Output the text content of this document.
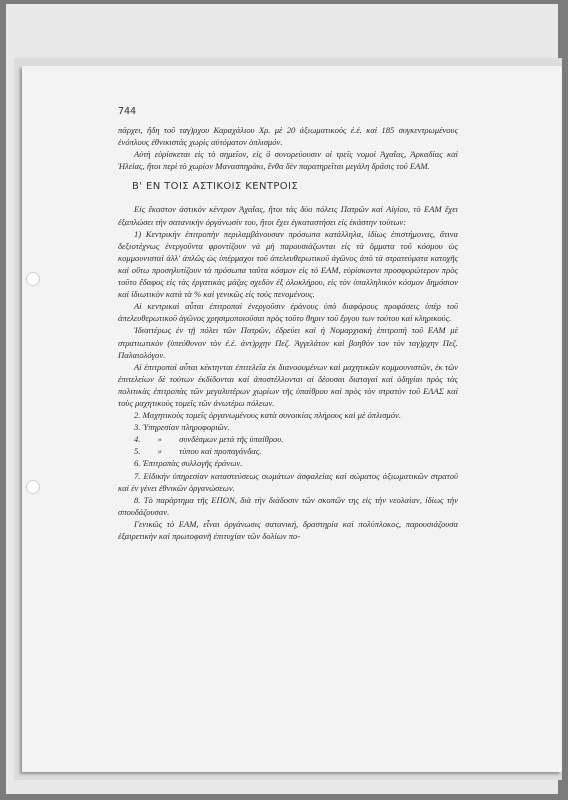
744

πάρχει, ἤδη τοῦ ταγ)ρχου Καραχάλιου Χρ. μὲ 20 ἀξιωματικοὺς ἐ.ἐ. καὶ 185 συγκεντρωμένους ἐνόπλους ἐθνικιστὰς χωρὶς αὐτόματον ὁπλισμόν.

Αὐτὴ εὑρίσκεται εἰς τὸ σημεῖον, εἰς ὃ συνορεύουσιν οἱ τρεῖς νομοὶ Ἀχαΐας, Ἀρκαδίας καὶ Ἠλείας, ἤτοι περὶ τὸ χωρίον Μανασπηράκι, ἔνθα δὲν παρατηρεῖται μεγάλη δρᾶσις τοῦ ΕΑΜ.

Β' ΕΝ ΤΟΙΣ ΑΣΤΙΚΟΙΣ ΚΕΝΤΡΟΙΣ

Εἰς ἕκαστον ἀστικὸν κέντρον Ἀχαΐας, ἤτοι τὰς δύο πόλεις Πατρῶν καὶ Αἰγίου, τὸ ΕΑΜ ἔχει ἐξαπλώσει τὴν σατανικὴν ὀργάνωσίν του, ἤτοι ἔχει ἐγκαταστήσει εἰς ἑκάστην τούτων:

1) Κεντρικὴν ἐπιτροπὴν περιλαμβάνουσαν πρόσωπα κατάλληλα, ἰδίως ἐπιστήμονας, ἅτινα δεξιοτέχνως ἐνεργοῦντα φροντίζουν νὰ μὴ παρουσιάζωνται εἰς τὰ ὄμματα τοῦ κόσμου ὡς κομμουνισταὶ ἀλλ' ἁπλῶς ὡς ὑπέρμαχοι τοῦ ἀπελευθερωτικοῦ ἀγῶνος ἀπὸ τὰ στρατεύματα κατοχῆς καὶ οὕτω προσηλυτίζουν τὰ πρόσωπα ταῦτα κόσμον εἰς τὸ ΕΑΜ, εὑρίσκοντα προσφορώτερον πρὸς τοῦτο ἔδαφος εἰς τὰς ἐργατικὰς μάζας σχεδὸν ἐξ ὁλοκλήρου, εἰς τὸν ὑπαλληλικὸν κόσμον δημόσιον καὶ ἰδιωτικὸν κατὰ τὰ % καὶ γενικῶς εἰς τοὺς πενομένους.

Αἱ κεντρικαὶ αὗται ἐπιτροπαὶ ἐνεργοῦσιν ἐράνους ὑπὸ διαφόρους προφάσεις ὑπὲρ τοῦ ἀπελευθερωτικοῦ ἀγῶνος χρησιμοποιοῦσαι πρὸς τοῦτο θηριν τοῦ ἔργου των τούτου καὶ κληρικούς.

Ἰδιαιτέρως ἐν τῇ πόλει τῶν Πατρῶν, ἐδρεύει καὶ ἡ Νομαρχιακὴ ἐπιτροπὴ τοῦ ΕΑΜ μὲ στρατιωτικὸν (ὑπεύθυνον τὸν ἐ.ἐ. ἀντ)ρχην Πεζ. Ἀγγελάτον καὶ βοηθὸν τον τὸν ταγ)ρχην Πεζ. Παλαιολόγον.

Αἱ ἐπιτροπαὶ αὗται κέκτηνται ἐπιτελεῖα ἐκ διανοουμένων καὶ μαχητικῶν κομμουνιστῶν, ἐκ τῶν ἐπιτελείων δὲ τούτων ἐκδίδονται καὶ ἀποστέλλονται αἱ δέουσαι διαταγαὶ καὶ ὁδηγίαι πρὸς τὰς πολιτικὰς ἐπιτροπὰς τῶν μεγαλυτέρων χωρίων τῆς ὑπαίθρου καὶ πρὸς τὸν στρατὸν τοῦ ΕΛΑΣ καὶ τοὺς μαχητικοὺς τομεῖς τῶν ἀνωτέρω πόλεων.

2. Μαχητικοὺς τομεῖς ὀργανωμένους κατὰ συνοικίας πλήρους καὶ μὲ ὁπλισμόν.

3. Ὑπηρεσίαν πληροφοριῶν.

4.        »        συνδέσμων μετὰ τῆς ὑπαίθρου.

5.        »        τύπου καὶ προπαγάνδας.

6. Ἐπιτροπὰς συλλογῆς ἐράνων.

7. Εἰδικὴν ὑπηρεσίαν καταστεύσεως σωμάτων ἀσφαλείας καὶ σώματος ἀξιωματικῶν στρατοῦ καὶ ἐν γένει ἐθνικῶν ὀργανώσεων.

8. Τὸ παράρτημα τῆς ΕΠΟΝ, διὰ τὴν διάδοσιν τῶν σκοπῶν της εἰς τὴν νεολαίαν, ἰδίως τὴν σπουδάζουσαν.

Γενικῶς τὸ ΕΑΜ, εἶναι ὀργάνωσις σατανική, δραστηρία καὶ πολύπλοκος, παρουσιάζουσα ἐξαιρετικὴν καὶ πρωτοφανῆ ἐπιτυχίαν τῶν δολίων πο-
